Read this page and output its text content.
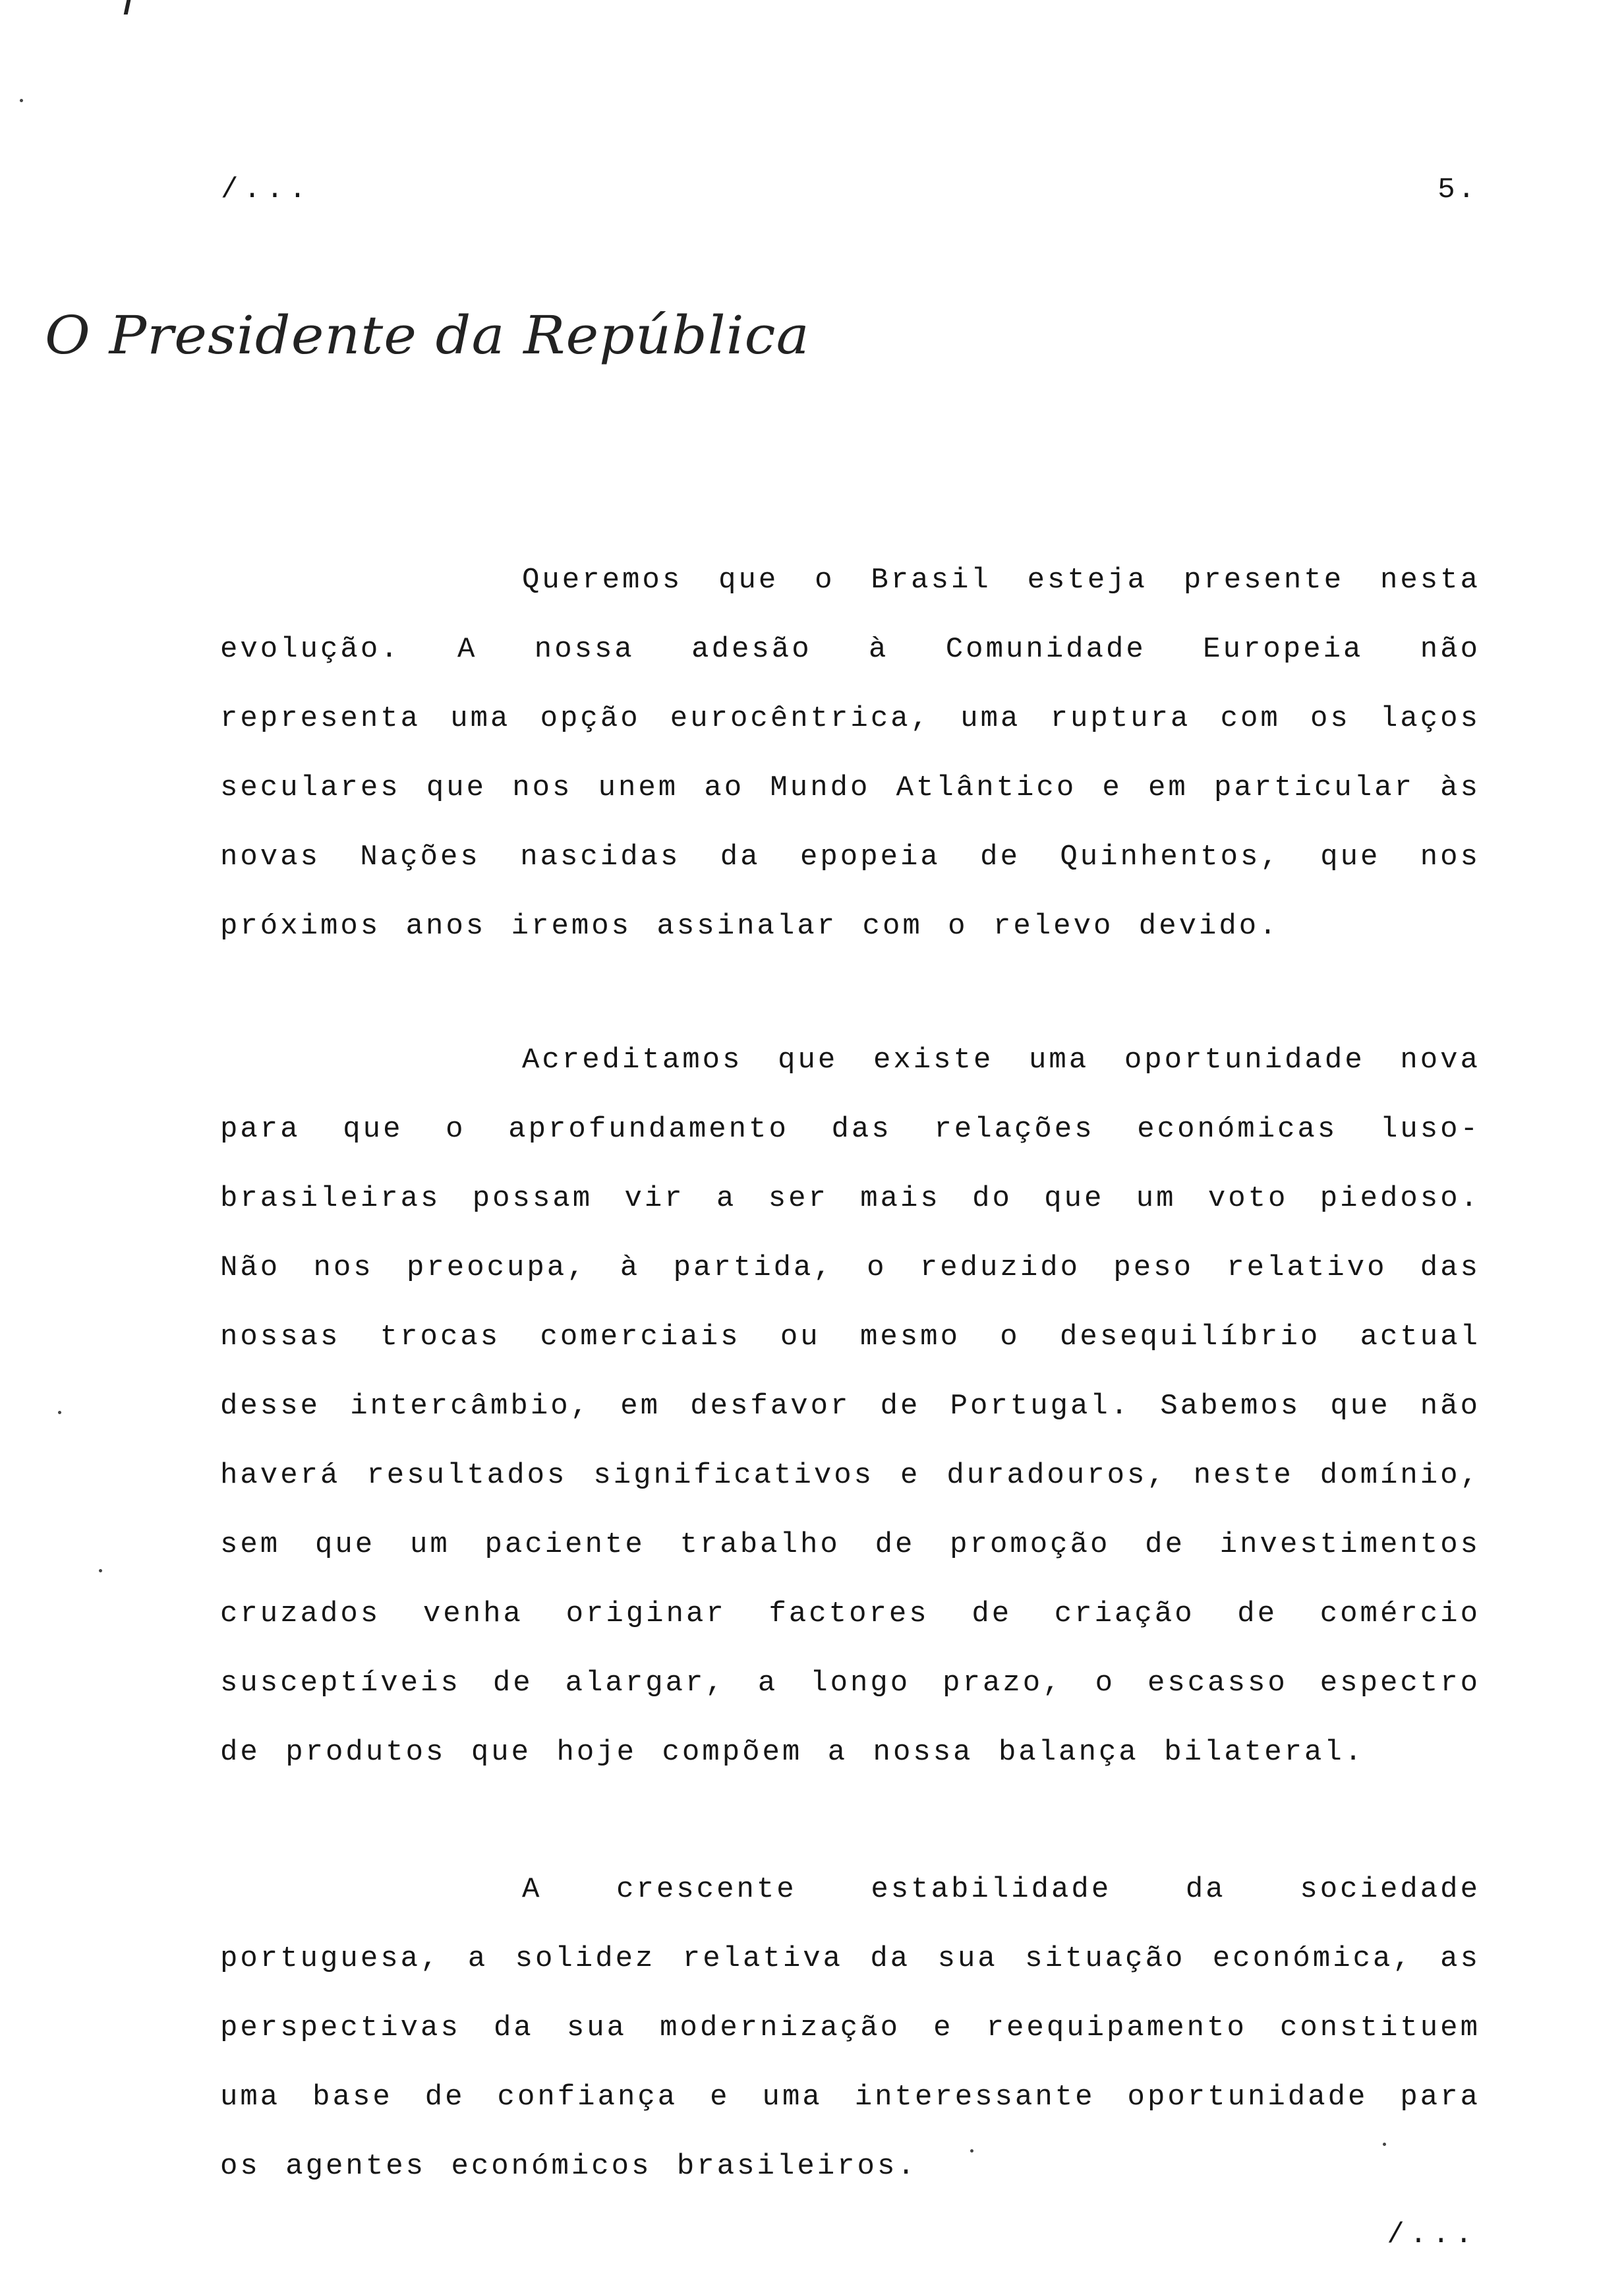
/...	5.
O Presidente da República

Queremos que o Brasil esteja presente nesta evolução. A nossa adesão à Comunidade Europeia não representa uma opção eurocêntrica, uma ruptura com os laços seculares que nos unem ao Mundo Atlântico e em particular às novas Nações nascidas da epopeia de Quinhentos, que nos próximos anos iremos assinalar com o relevo devido.

Acreditamos que existe uma oportunidade nova para que o aprofundamento das relações económicas luso-brasileiras possam vir a ser mais do que um voto piedoso. Não nos preocupa, à partida, o reduzido peso relativo das nossas trocas comerciais ou mesmo o desequilíbrio actual desse intercâmbio, em desfavor de Portugal. Sabemos que não haverá resultados significativos e duradouros, neste domínio, sem que um paciente trabalho de promoção de investimentos cruzados venha originar factores de criação de comércio susceptíveis de alargar, a longo prazo, o escasso espectro de produtos que hoje compõem a nossa balança bilateral.

A crescente estabilidade da sociedade portuguesa, a solidez relativa da sua situação económica, as perspectivas da sua modernização e reequipamento constituem uma base de confiança e uma interessante oportunidade para os agentes económicos brasileiros.

/...
